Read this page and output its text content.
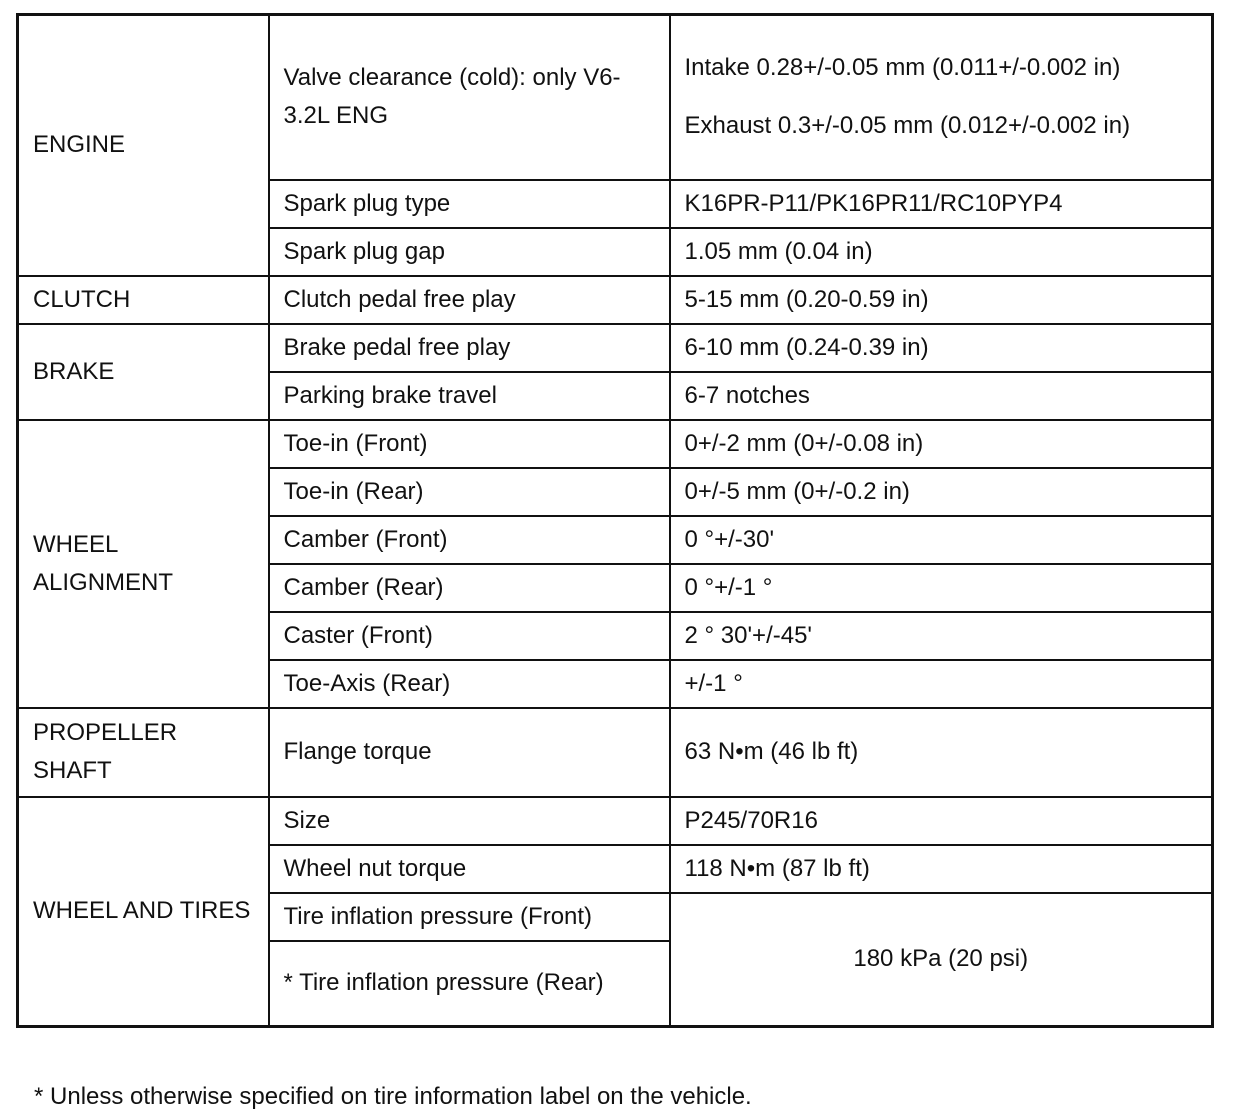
ENGINE	Valve clearance (cold): only V6-3.2L ENG	Intake 0.28+/-0.05 mm (0.011+/-0.002 in)
Exhaust 0.3+/-0.05 mm (0.012+/-0.002 in)

	Spark plug type	K16PR-P11/PK16PR11/RC10PYP4
	Spark plug gap	1.05 mm (0.04 in)
CLUTCH	Clutch pedal free play	5-15 mm (0.20-0.59 in)
BRAKE	Brake pedal free play	6-10 mm (0.24-0.39 in)
	Parking brake travel	6-7 notches
WHEEL ALIGNMENT	Toe-in (Front)	0+/-2 mm (0+/-0.08 in)
	Toe-in (Rear)	0+/-5 mm (0+/-0.2 in)
	Camber (Front)	0 °+/-30'
	Camber (Rear)	0 °+/-1 °
	Caster (Front)	2 ° 30'+/-45'
	Toe-Axis (Rear)	+/-1 °
PROPELLER SHAFT	Flange torque	63 N•m (46 lb ft)
WHEEL AND TIRES	Size	P245/70R16
	Wheel nut torque	118 N•m (87 lb ft)
	Tire inflation pressure (Front)	180 kPa (20 psi)
	* Tire inflation pressure (Rear)	

* Unless otherwise specified on tire information label on the vehicle.
